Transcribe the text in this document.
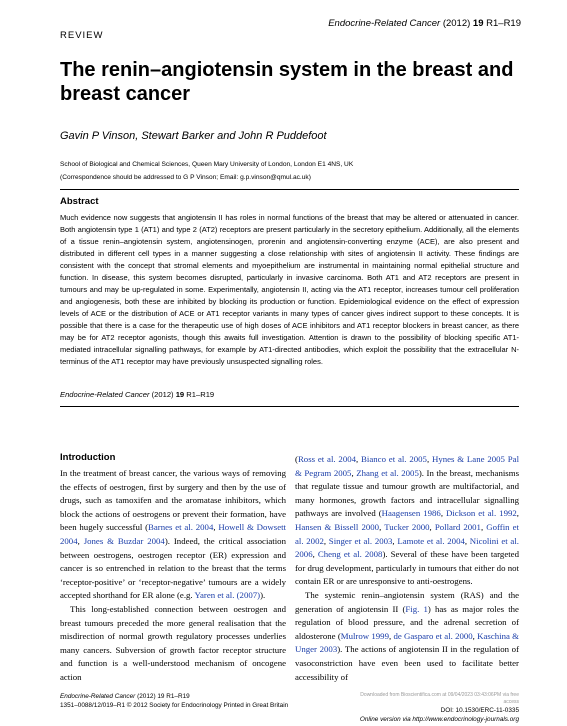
Endocrine-Related Cancer (2012) 19 R1–R19
REVIEW
The renin–angiotensin system in the breast and breast cancer
Gavin P Vinson, Stewart Barker and John R Puddefoot
School of Biological and Chemical Sciences, Queen Mary University of London, London E1 4NS, UK
(Correspondence should be addressed to G P Vinson; Email: g.p.vinson@qmul.ac.uk)
Abstract

Much evidence now suggests that angiotensin II has roles in normal functions of the breast that may be altered or attenuated in cancer. Both angiotensin type 1 (AT1) and type 2 (AT2) receptors are present particularly in the secretory epithelium. Additionally, all the elements of a tissue renin–angiotensin system, angiotensinogen, prorenin and angiotensin-converting enzyme (ACE), are also present and distributed in different cell types in a manner suggesting a close relationship with sites of angiotensin II activity. These findings are consistent with the concept that stromal elements and myoepithelium are instrumental in maintaining normal epithelial structure and function. In disease, this system becomes disrupted, particularly in invasive carcinoma. Both AT1 and AT2 receptors are present in tumours and may be up-regulated in some. Experimentally, angiotensin II, acting via the AT1 receptor, increases tumour cell proliferation and angiogenesis, both these are inhibited by blocking its production or function. Epidemiological evidence on the effect of expression levels of ACE or the distribution of ACE or AT1 receptor variants in many types of cancer gives indirect support to these concepts. It is possible that there is a case for the therapeutic use of high doses of ACE inhibitors and AT1 receptor blockers in breast cancer, as there may be for AT2 receptor agonists, though this awaits full investigation. Attention is drawn to the possibility of blocking specific AT1-mediated intracellular signalling pathways, for example by AT1-directed antibodies, which exploit the possibility that the extracellular N-terminus of the AT1 receptor may have previously unsuspected signalling roles.

Endocrine-Related Cancer (2012) 19 R1–R19
Introduction

In the treatment of breast cancer, the various ways of removing the effects of oestrogen, first by surgery and then by the use of drugs, such as tamoxifen and the aromatase inhibitors, which block the actions of oestrogens or prevent their formation, have been hugely successful (Barnes et al. 2004, Howell & Dowsett 2004, Jones & Buzdar 2004). Indeed, the critical association between oestrogens, oestrogen receptor (ER) expression and cancer is so entrenched in relation to the breast that the terms ‘receptor-positive’ or ‘receptor-negative’ tumours are a widely accepted shorthand for ER alone (e.g. Yaren et al. (2007)).

This long-established connection between oestrogen and breast tumours preceded the more general realisation that the misdirection of normal growth regulatory processes underlies many cancers. Subversion of growth factor receptor structure and function is a well-understood mechanism of oncogene action

(Ross et al. 2004, Bianco et al. 2005, Hynes & Lane 2005 Pal & Pegram 2005, Zhang et al. 2005). In the breast, mechanisms that regulate tissue and tumour growth are multifactorial, and many hormones, growth factors and intracellular signalling pathways are involved (Haagensen 1986, Dickson et al. 1992, Hansen & Bissell 2000, Tucker 2000, Pollard 2001, Goffin et al. 2002, Singer et al. 2003, Lamote et al. 2004, Nicolini et al. 2006, Cheng et al. 2008). Several of these have been targeted for drug development, particularly in tumours that either do not contain ER or are unresponsive to anti-oestrogens.

The systemic renin–angiotensin system (RAS) and the generation of angiotensin II (Fig. 1) has as major roles the regulation of blood pressure, and the adrenal secretion of aldosterone (Mulrow 1999, de Gasparo et al. 2000, Kaschina & Unger 2003). The actions of angiotensin II in the regulation of vasoconstriction have even been used to facilitate better accessibility of

Endocrine-Related Cancer (2012) 19 R1–R19
1351–0088/12/019–R1 © 2012 Society for Endocrinology Printed in Great Britain
Downloaded from Bioscientifica.com at 09/04/2023 03:43:06PM via free access
DOI: 10.1530/ERC-11-0335
Online version via http://www.endocrinology-journals.org
